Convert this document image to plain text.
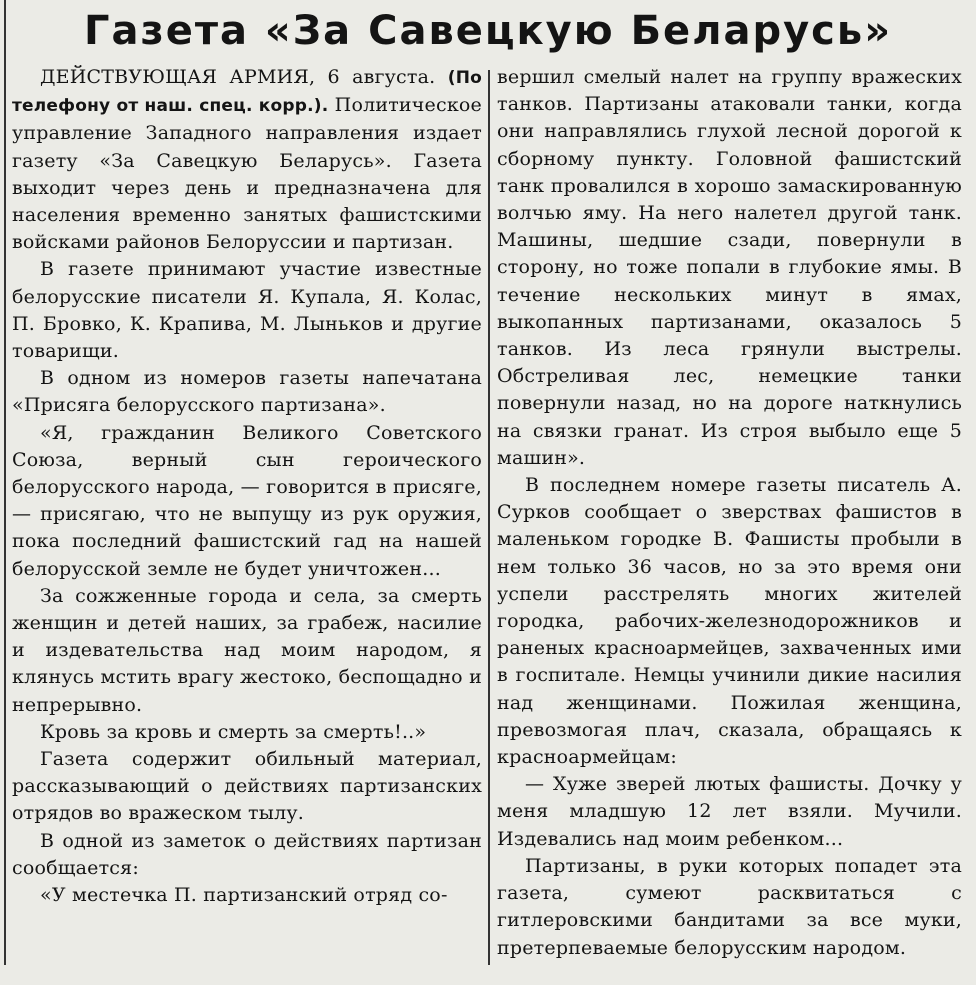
Газета «За Савецкую Беларусь»

ДЕЙСТВУЮЩАЯ АРМИЯ, 6 августа. (По телефону от наш. спец. корр.). Политическое управление Западного направления издает газету «За Савецкую Беларусь». Газета выходит через день и предназначена для населения временно занятых фашистскими войсками районов Белоруссии и партизан.

В газете принимают участие известные белорусские писатели Я. Купала, Я. Колас, П. Бровко, К. Крапива, М. Лыньков и другие товарищи.

В одном из номеров газеты напечатана «Присяга белорусского партизана».

«Я, гражданин Великого Советского Союза, верный сын героического белорусского народа, — говорится в присяге, — присягаю, что не выпущу из рук оружия, пока последний фашистский гад на нашей белорусской земле не будет уничтожен...

За сожженные города и села, за смерть женщин и детей наших, за грабеж, насилие и издевательства над моим народом, я клянусь мстить врагу жестоко, беспощадно и непрерывно.

Кровь за кровь и смерть за смерть!..»

Газета содержит обильный материал, рассказывающий о действиях партизанских отрядов во вражеском тылу.

В одной из заметок о действиях партизан сообщается:

«У местечка П. партизанский отряд со-

вершил смелый налет на группу вражеских танков. Партизаны атаковали танки, когда они направлялись глухой лесной дорогой к сборному пункту. Головной фашистский танк провалился в хорошо замаскированную волчью яму. На него налетел другой танк. Машины, шедшие сзади, повернули в сторону, но тоже попали в глубокие ямы. В течение нескольких минут в ямах, выкопанных партизанами, оказалось 5 танков. Из леса грянули выстрелы. Обстреливая лес, немецкие танки повернули назад, но на дороге наткнулись на связки гранат. Из строя выбыло еще 5 машин».

В последнем номере газеты писатель А. Сурков сообщает о зверствах фашистов в маленьком городке В. Фашисты пробыли в нем только 36 часов, но за это время они успели расстрелять многих жителей городка, рабочих-железнодорожников и раненых красноармейцев, захваченных ими в госпитале. Немцы учинили дикие насилия над женщинами. Пожилая женщина, превозмогая плач, сказала, обращаясь к красноармейцам:

— Хуже зверей лютых фашисты. Дочку у меня младшую 12 лет взяли. Мучили. Издевались над моим ребенком...

Партизаны, в руки которых попадет эта газета, сумеют расквитаться с гитлеровскими бандитами за все муки, претерпеваемые белорусским народом.
